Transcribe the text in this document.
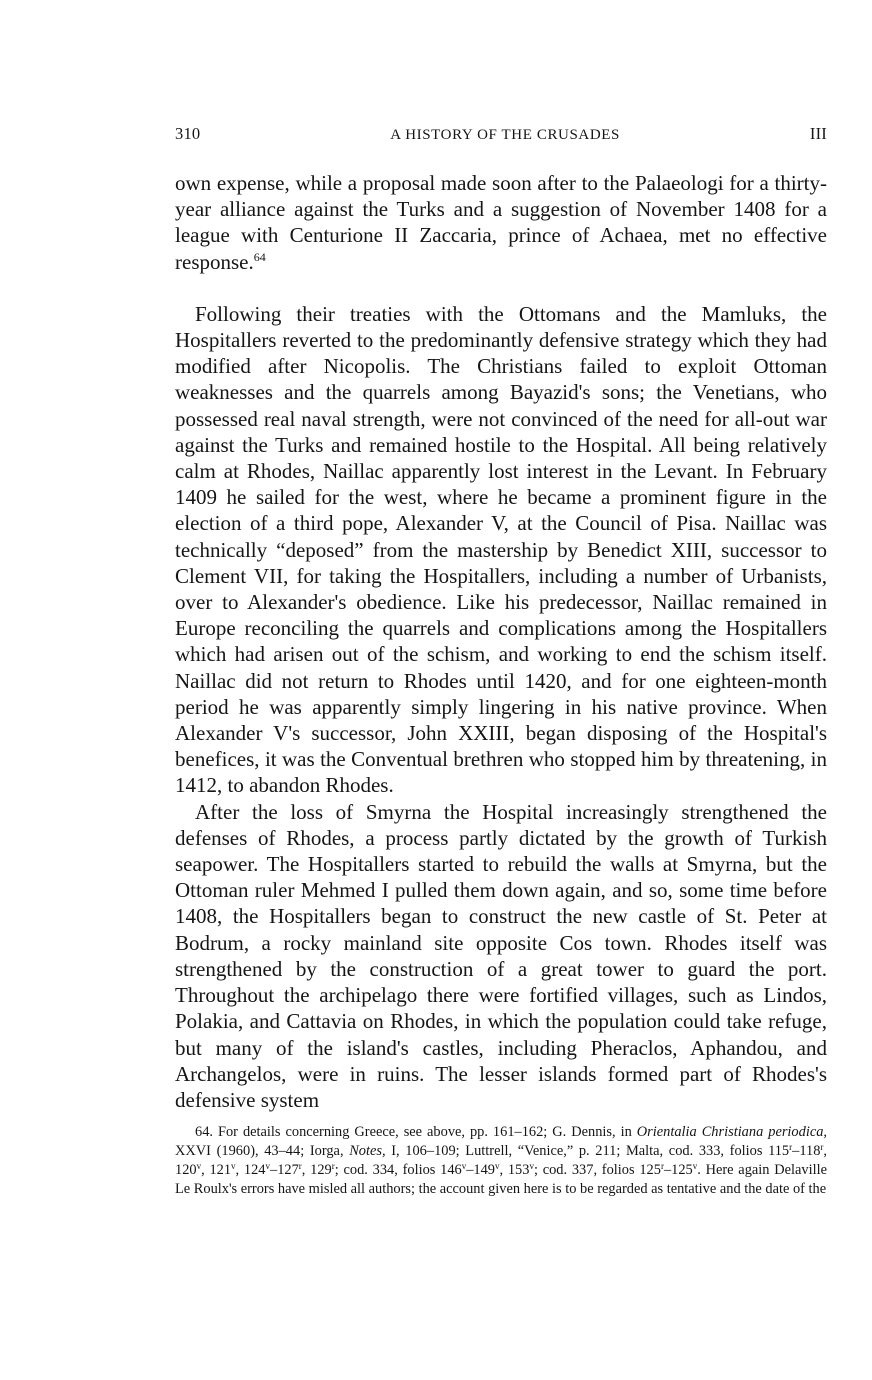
310	A HISTORY OF THE CRUSADES	III

own expense, while a proposal made soon after to the Palaeologi for a thirty-year alliance against the Turks and a suggestion of November 1408 for a league with Centurione II Zaccaria, prince of Achaea, met no effective response.$^{64}$

Following their treaties with the Ottomans and the Mamluks, the Hospitallers reverted to the predominantly defensive strategy which they had modified after Nicopolis. The Christians failed to exploit Ottoman weaknesses and the quarrels among Bayazid's sons; the Venetians, who possessed real naval strength, were not convinced of the need for all-out war against the Turks and remained hostile to the Hospital. All being relatively calm at Rhodes, Naillac apparently lost interest in the Levant. In February 1409 he sailed for the west, where he became a prominent figure in the election of a third pope, Alexander V, at the Council of Pisa. Naillac was technically “deposed” from the mastership by Benedict XIII, successor to Clement VII, for taking the Hospitallers, including a number of Urbanists, over to Alexander's obedience. Like his predecessor, Naillac remained in Europe reconciling the quarrels and complications among the Hospitallers which had arisen out of the schism, and working to end the schism itself. Naillac did not return to Rhodes until 1420, and for one eighteen-month period he was apparently simply lingering in his native province. When Alexander V's successor, John XXIII, began disposing of the Hospital's benefices, it was the Conventual brethren who stopped him by threatening, in 1412, to abandon Rhodes.

After the loss of Smyrna the Hospital increasingly strengthened the defenses of Rhodes, a process partly dictated by the growth of Turkish seapower. The Hospitallers started to rebuild the walls at Smyrna, but the Ottoman ruler Mehmed I pulled them down again, and so, some time before 1408, the Hospitallers began to construct the new castle of St. Peter at Bodrum, a rocky mainland site opposite Cos town. Rhodes itself was strengthened by the construction of a great tower to guard the port. Throughout the archipelago there were fortified villages, such as Lindos, Polakia, and Cattavia on Rhodes, in which the population could take refuge, but many of the island's castles, including Pheraclos, Aphandou, and Archangelos, were in ruins. The lesser islands formed part of Rhodes's defensive system

64. For details concerning Greece, see above, pp. 161–162; G. Dennis, in Orientalia Christiana periodica, XXVI (1960), 43–44; Iorga, Notes, I, 106–109; Luttrell, “Venice,” p. 211; Malta, cod. 333, folios 115$^r$–118$^r$, 120$^v$, 121$^v$, 124$^v$–127$^r$, 129$^r$; cod. 334, folios 146$^v$–149$^v$, 153$^v$; cod. 337, folios 125$^r$–125$^v$. Here again Delaville Le Roulx's errors have misled all authors; the account given here is to be regarded as tentative and the date of the
